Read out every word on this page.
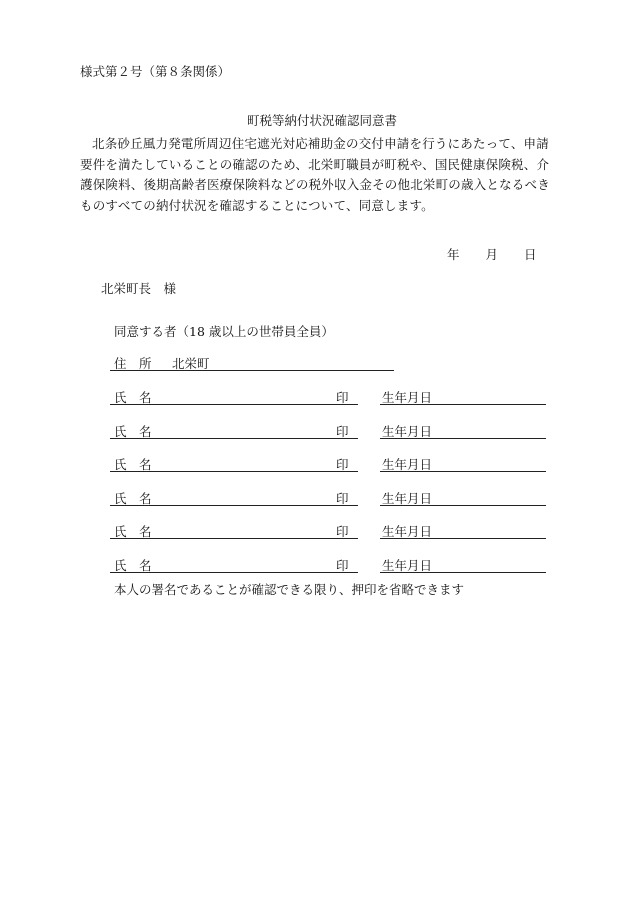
様式第２号（第８条関係）
町税等納付状況確認同意書
北条砂丘風力発電所周辺住宅遮光対応補助金の交付申請を行うにあたって、申請要件を満たしていることの確認のため、北栄町職員が町税や、国民健康保険税、介護保険料、後期高齢者医療保険料などの税外収入金その他北栄町の歳入となるべきものすべての納付状況を確認することについて、同意します。
年 月 日
北栄町長　様
同意する者（18 歳以上の世帯員全員）
住　所 北栄町
氏　名	印	生年月日
氏　名	印	生年月日
氏　名	印	生年月日
氏　名	印	生年月日
氏　名	印	生年月日
氏　名	印	生年月日
本人の署名であることが確認できる限り、押印を省略できます
